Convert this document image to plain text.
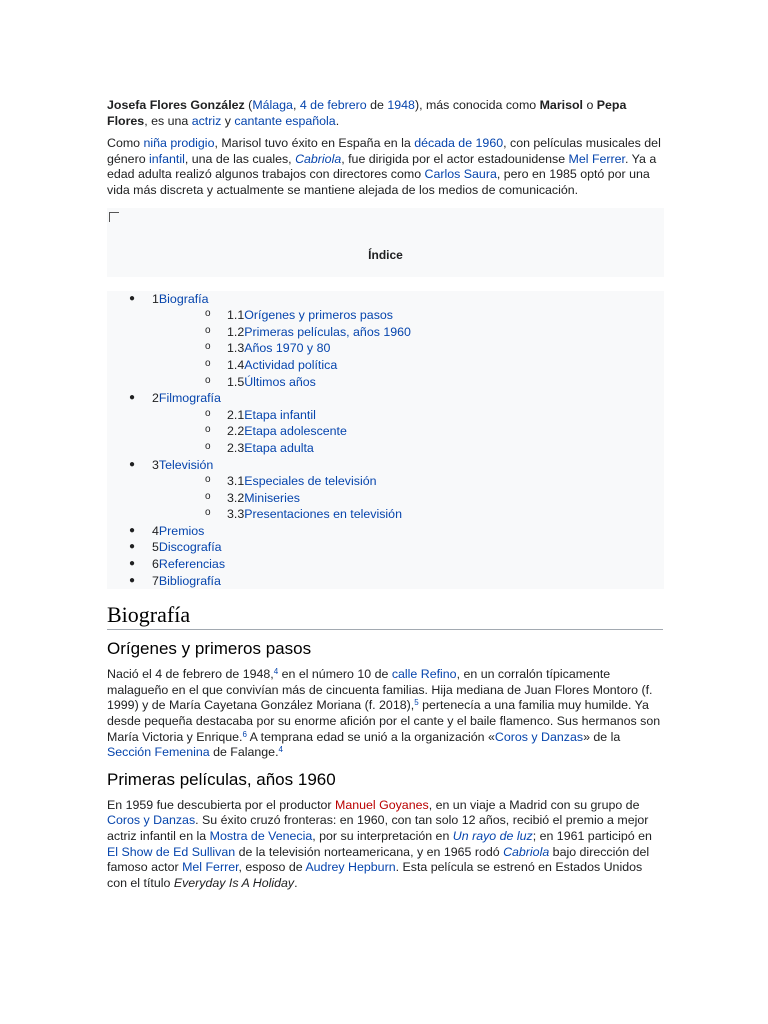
Josefa Flores González (Málaga, 4 de febrero de 1948), más conocida como Marisol o Pepa Flores, es una actriz y cantante española.

Como niña prodigio, Marisol tuvo éxito en España en la década de 1960, con películas musicales del género infantil, una de las cuales, Cabriola, fue dirigida por el actor estadounidense Mel Ferrer. Ya a edad adulta realizó algunos trabajos con directores como Carlos Saura, pero en 1985 optó por una vida más discreta y actualmente se mantiene alejada de los medios de comunicación.

Índice
● 1Biografía
o 1.1Orígenes y primeros pasos
o 1.2Primeras películas, años 1960
o 1.3Años 1970 y 80
o 1.4Actividad política
o 1.5Últimos años
● 2Filmografía
o 2.1Etapa infantil
o 2.2Etapa adolescente
o 2.3Etapa adulta
● 3Televisión
o 3.1Especiales de televisión
o 3.2Miniseries
o 3.3Presentaciones en televisión
● 4Premios
● 5Discografía
● 6Referencias
● 7Bibliografía
Biografía
Orígenes y primeros pasos

Nació el 4 de febrero de 1948,$^4$ en el número 10 de calle Refino, en un corralón típicamente malagueño en el que convivían más de cincuenta familias. Hija mediana de Juan Flores Montoro (f. 1999) y de María Cayetana González Moriana (f. 2018),$^5$ pertenecía a una familia muy humilde. Ya desde pequeña destacaba por su enorme afición por el cante y el baile flamenco. Sus hermanos son María Victoria y Enrique.$^6$ A temprana edad se unió a la organización «Coros y Danzas» de la Sección Femenina de Falange.$^4$

Primeras películas, años 1960

En 1959 fue descubierta por el productor Manuel Goyanes, en un viaje a Madrid con su grupo de Coros y Danzas. Su éxito cruzó fronteras: en 1960, con tan solo 12 años, recibió el premio a mejor actriz infantil en la Mostra de Venecia, por su interpretación en Un rayo de luz; en 1961 participó en El Show de Ed Sullivan de la televisión norteamericana, y en 1965 rodó Cabriola bajo dirección del famoso actor Mel Ferrer, esposo de Audrey Hepburn. Esta película se estrenó en Estados Unidos con el título Everyday Is A Holiday.
